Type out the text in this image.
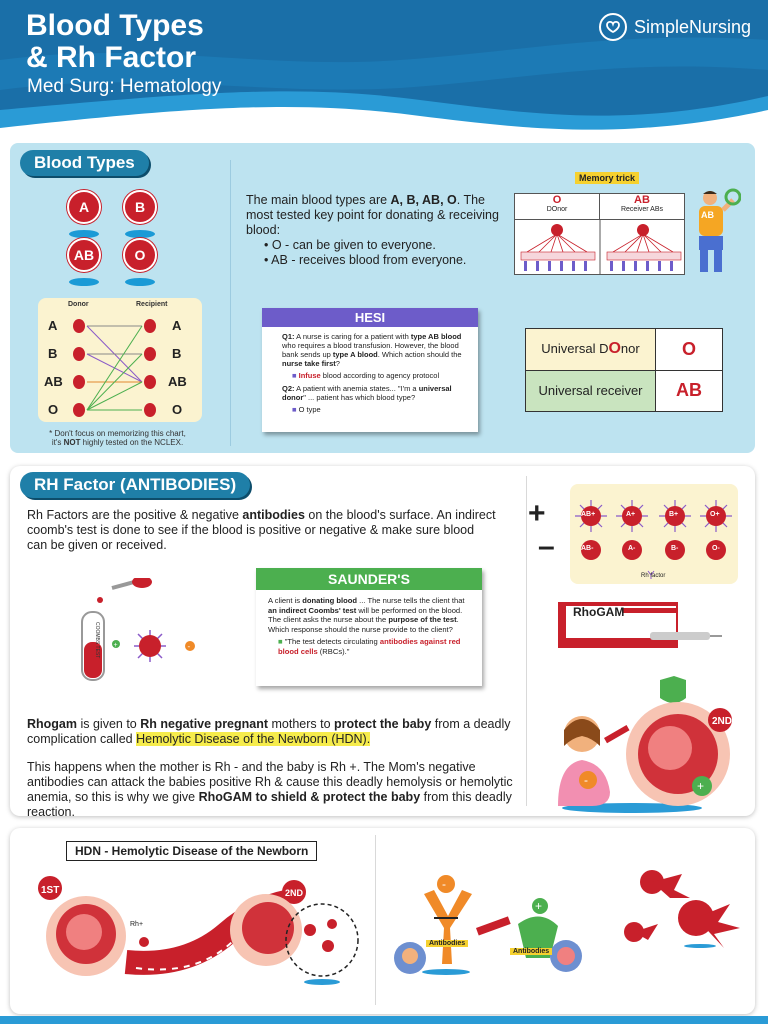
Blood Types
& Rh Factor
Med Surg: Hematology
SimpleNursing
Blood Types
A	B
AB	O
Donor	Recipient
A
B
AB
O
A
B
AB
O
* Don't focus on memorizing this chart,
it's NOT highly tested on the NCLEX.
The main blood types are A, B, AB, O. The most tested key point for donating & receiving blood:
• O - can be given to everyone.
• AB - receives blood from everyone.
HESI
Q1: A nurse is caring for a patient with type AB blood who requires a blood transfusion. However, the blood bank sends up type A blood. Which action should the nurse take first?
■ Infuse blood according to agency protocol
Q2: A patient with anemia states... "I'm a universal donor" ... patient has which blood type?
■ O type
Memory trick
O
DOnor
AB
Receiver ABs
AB
Universal DOnor	O
Universal receiver	AB
RH Factor (ANTIBODIES)
Rh Factors are the positive & negative antibodies on the blood's surface. An indirect coomb's test is done to see if the blood is positive or negative & make sure blood can be given or received.
COOMBS TEST +	-
SAUNDER'S
A client is donating blood ... The nurse tells the client that an indirect Coombs' test will be performed on the blood. The client asks the nurse about the purpose of the test. Which response should the nurse provide to the client?
■ "The test detects circulating antibodies against red blood cells (RBCs)."
+
–
AB+	A+	B+	O+
AB-	A-	B-	O-
Rh factor
RhoGAM
Rhogam is given to Rh negative pregnant mothers to protect the baby from a deadly complication called Hemolytic Disease of the Newborn (HDN).
This happens when the mother is Rh - and the baby is Rh +. The Mom's negative antibodies can attack the babies positive Rh & cause this deadly hemolysis or hemolytic anemia, so this is why we give RhoGAM to shield & protect the baby from this deadly reaction.
2ND
+
-
HDN - Hemolytic Disease of the Newborn
1ST
Rh+
2ND
-
+
Antibodies
Antibodies
